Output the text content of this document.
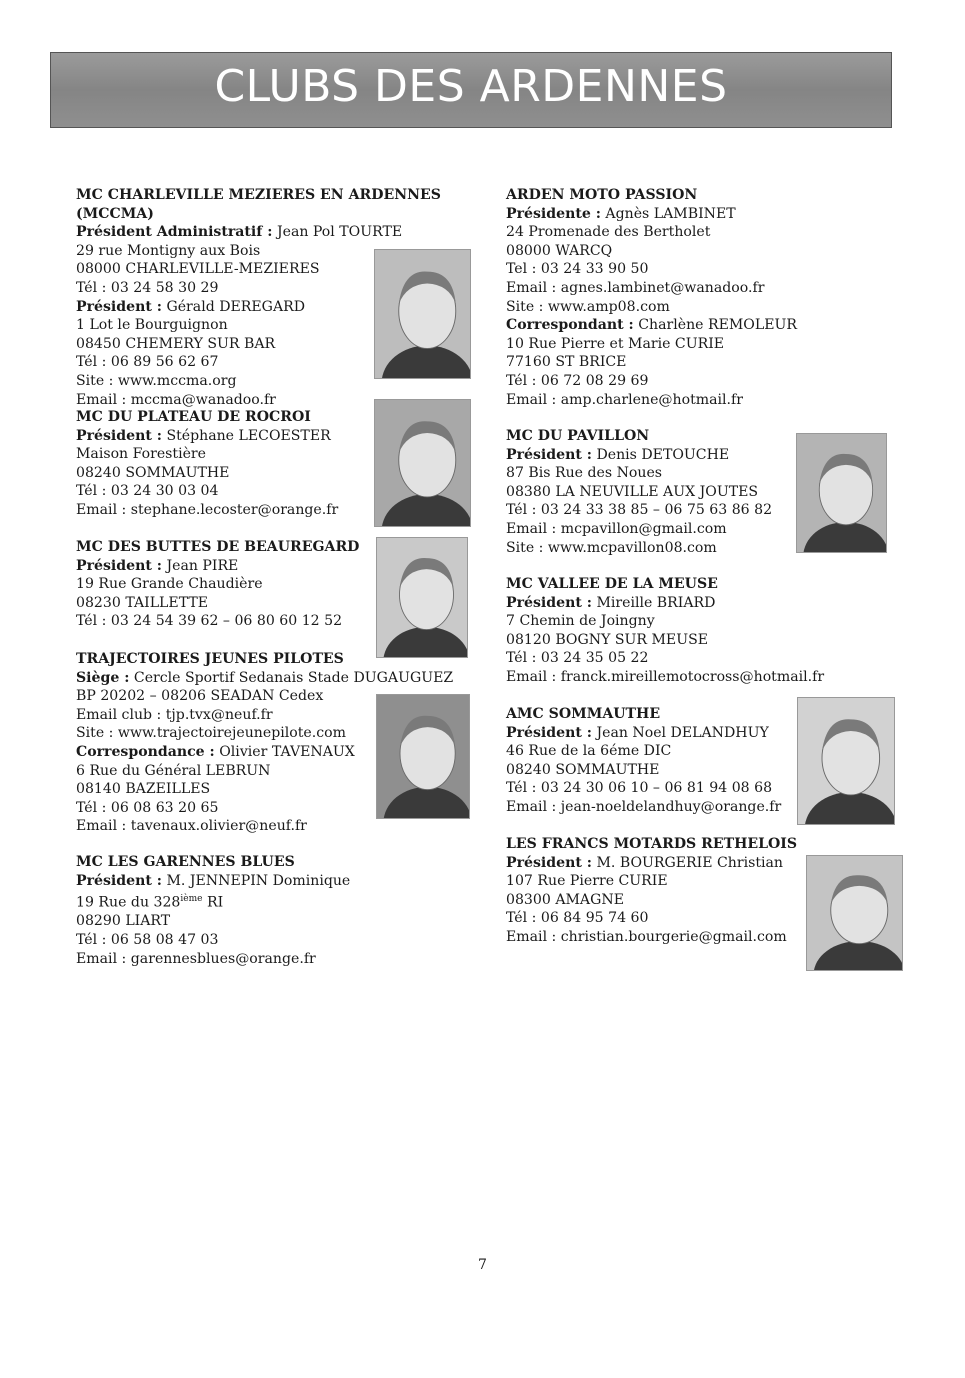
CLUBS DES ARDENNES
MC CHARLEVILLE MEZIERES EN ARDENNES (MCCMA)
Président Administratif : Jean Pol TOURTE
29 rue Montigny aux Bois
08000 CHARLEVILLE-MEZIERES
Tél : 03 24 58 30 29
Président : Gérald DEREGARD
1 Lot le Bourguignon
08450 CHEMERY SUR BAR
Tél : 06 89 56 62 67
Site : www.mccma.org
Email : mccma@wanadoo.fr
MC DU PLATEAU DE ROCROI
Président : Stéphane LECOESTER
Maison Forestière
08240 SOMMAUTHE
Tél : 03 24 30 03 04
Email : stephane.lecoster@orange.fr
MC DES BUTTES DE BEAUREGARD
Président : Jean PIRE
19 Rue Grande Chaudière
08230 TAILLETTE
Tél : 03 24 54 39 62 – 06 80 60 12 52
TRAJECTOIRES JEUNES PILOTES
Siège : Cercle Sportif Sedanais Stade DUGAUGUEZ
BP 20202 – 08206 SEADAN Cedex
Email club : tjp.tvx@neuf.fr
Site : www.trajectoirejeunepilote.com
Correspondance : Olivier TAVENAUX
6 Rue du Général LEBRUN
08140 BAZEILLES
Tél : 06 08 63 20 65
Email : tavenaux.olivier@neuf.fr
MC LES GARENNES BLUES
Président : M. JENNEPIN Dominique
19 Rue du 328ième RI
08290 LIART
Tél : 06 58 08 47 03
Email : garennesblues@orange.fr
ARDEN MOTO PASSION
Présidente : Agnès LAMBINET
24 Promenade des Bertholet
08000 WARCQ
Tel : 03 24 33 90 50
Email : agnes.lambinet@wanadoo.fr
Site : www.amp08.com
Correspondant : Charlène REMOLEUR
10 Rue Pierre et Marie CURIE
77160 ST BRICE
Tél : 06 72 08 29 69
Email : amp.charlene@hotmail.fr
MC DU PAVILLON
Président : Denis DETOUCHE
87 Bis Rue des Noues
08380 LA NEUVILLE AUX JOUTES
Tél : 03 24 33 38 85 – 06 75 63 86 82
Email : mcpavillon@gmail.com
Site : www.mcpavillon08.com
MC VALLEE DE LA MEUSE
Président : Mireille BRIARD
7 Chemin de Joingny
08120 BOGNY SUR MEUSE
Tél : 03 24 35 05 22
Email : franck.mireillemotocross@hotmail.fr
AMC SOMMAUTHE
Président : Jean Noel DELANDHUY
46 Rue de la 6éme DIC
08240 SOMMAUTHE
Tél : 03 24 30 06 10 – 06 81 94 08 68
Email : jean-noeldelandhuy@orange.fr
LES FRANCS MOTARDS RETHELOIS
Président : M. BOURGERIE Christian
107 Rue Pierre CURIE
08300 AMAGNE
Tél : 06 84 95 74 60
Email : christian.bourgerie@gmail.com
7
